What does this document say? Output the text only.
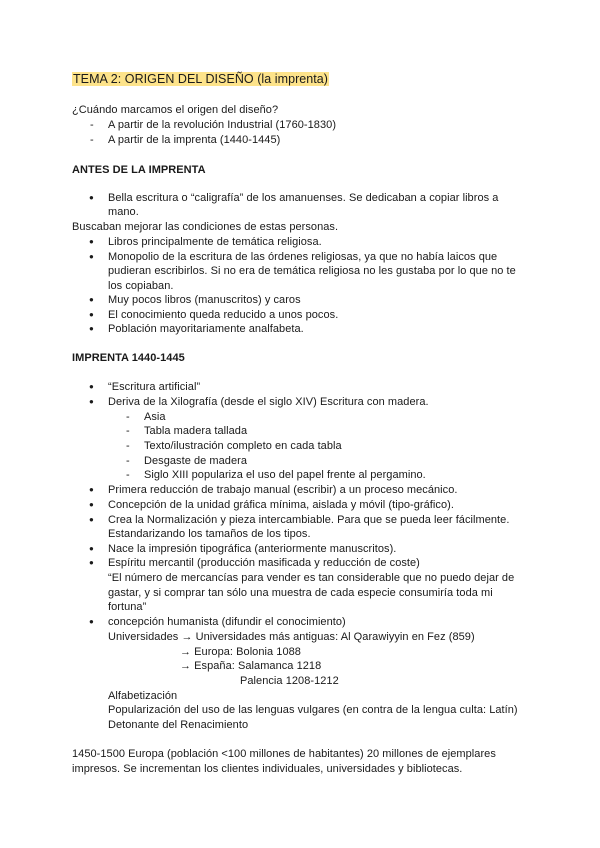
TEMA 2: ORIGEN DEL DISEÑO (la imprenta)
¿Cuándo marcamos el origen del diseño?
- A partir de la revolución Industrial (1760-1830)
- A partir de la imprenta (1440-1445)
ANTES DE LA IMPRENTA
● Bella escritura o “caligrafía” de los amanuenses. Se dedicaban a copiar libros a
mano.
Buscaban mejorar las condiciones de estas personas.
● Libros principalmente de temática religiosa.
● Monopolio de la escritura de las órdenes religiosas, ya que no había laicos que
pudieran escribirlos. Si no era de temática religiosa no les gustaba por lo que no te
los copiaban.
● Muy pocos libros (manuscritos) y caros
● El conocimiento queda reducido a unos pocos.
● Población mayoritariamente analfabeta.
IMPRENTA 1440-1445
● “Escritura artificial”
● Deriva de la Xilografía (desde el siglo XIV) Escritura con madera.
- Asia
- Tabla madera tallada
- Texto/ilustración completo en cada tabla
- Desgaste de madera
- Siglo XIII populariza el uso del papel frente al pergamino.
● Primera reducción de trabajo manual (escribir) a un proceso mecánico.
● Concepción de la unidad gráfica mínima, aislada y móvil (tipo-gráfico).
● Crea la Normalización y pieza intercambiable. Para que se pueda leer fácilmente.
Estandarizando los tamaños de los tipos.
● Nace la impresión tipográfica (anteriormente manuscritos).
● Espíritu mercantil (producción masificada y reducción de coste)
“El número de mercancías para vender es tan considerable que no puedo dejar de
gastar, y si comprar tan sólo una muestra de cada especie consumiría toda mi
fortuna”
● concepción humanista (difundir el conocimiento)
Universidades → Universidades más antiguas: Al Qarawiyyin en Fez (859)
→ Europa: Bolonia 1088
→ España: Salamanca 1218
Palencia 1208-1212
Alfabetización
Popularización del uso de las lenguas vulgares (en contra de la lengua culta: Latín)
Detonante del Renacimiento
1450-1500 Europa (población <100 millones de habitantes) 20 millones de ejemplares
impresos. Se incrementan los clientes individuales, universidades y bibliotecas.
